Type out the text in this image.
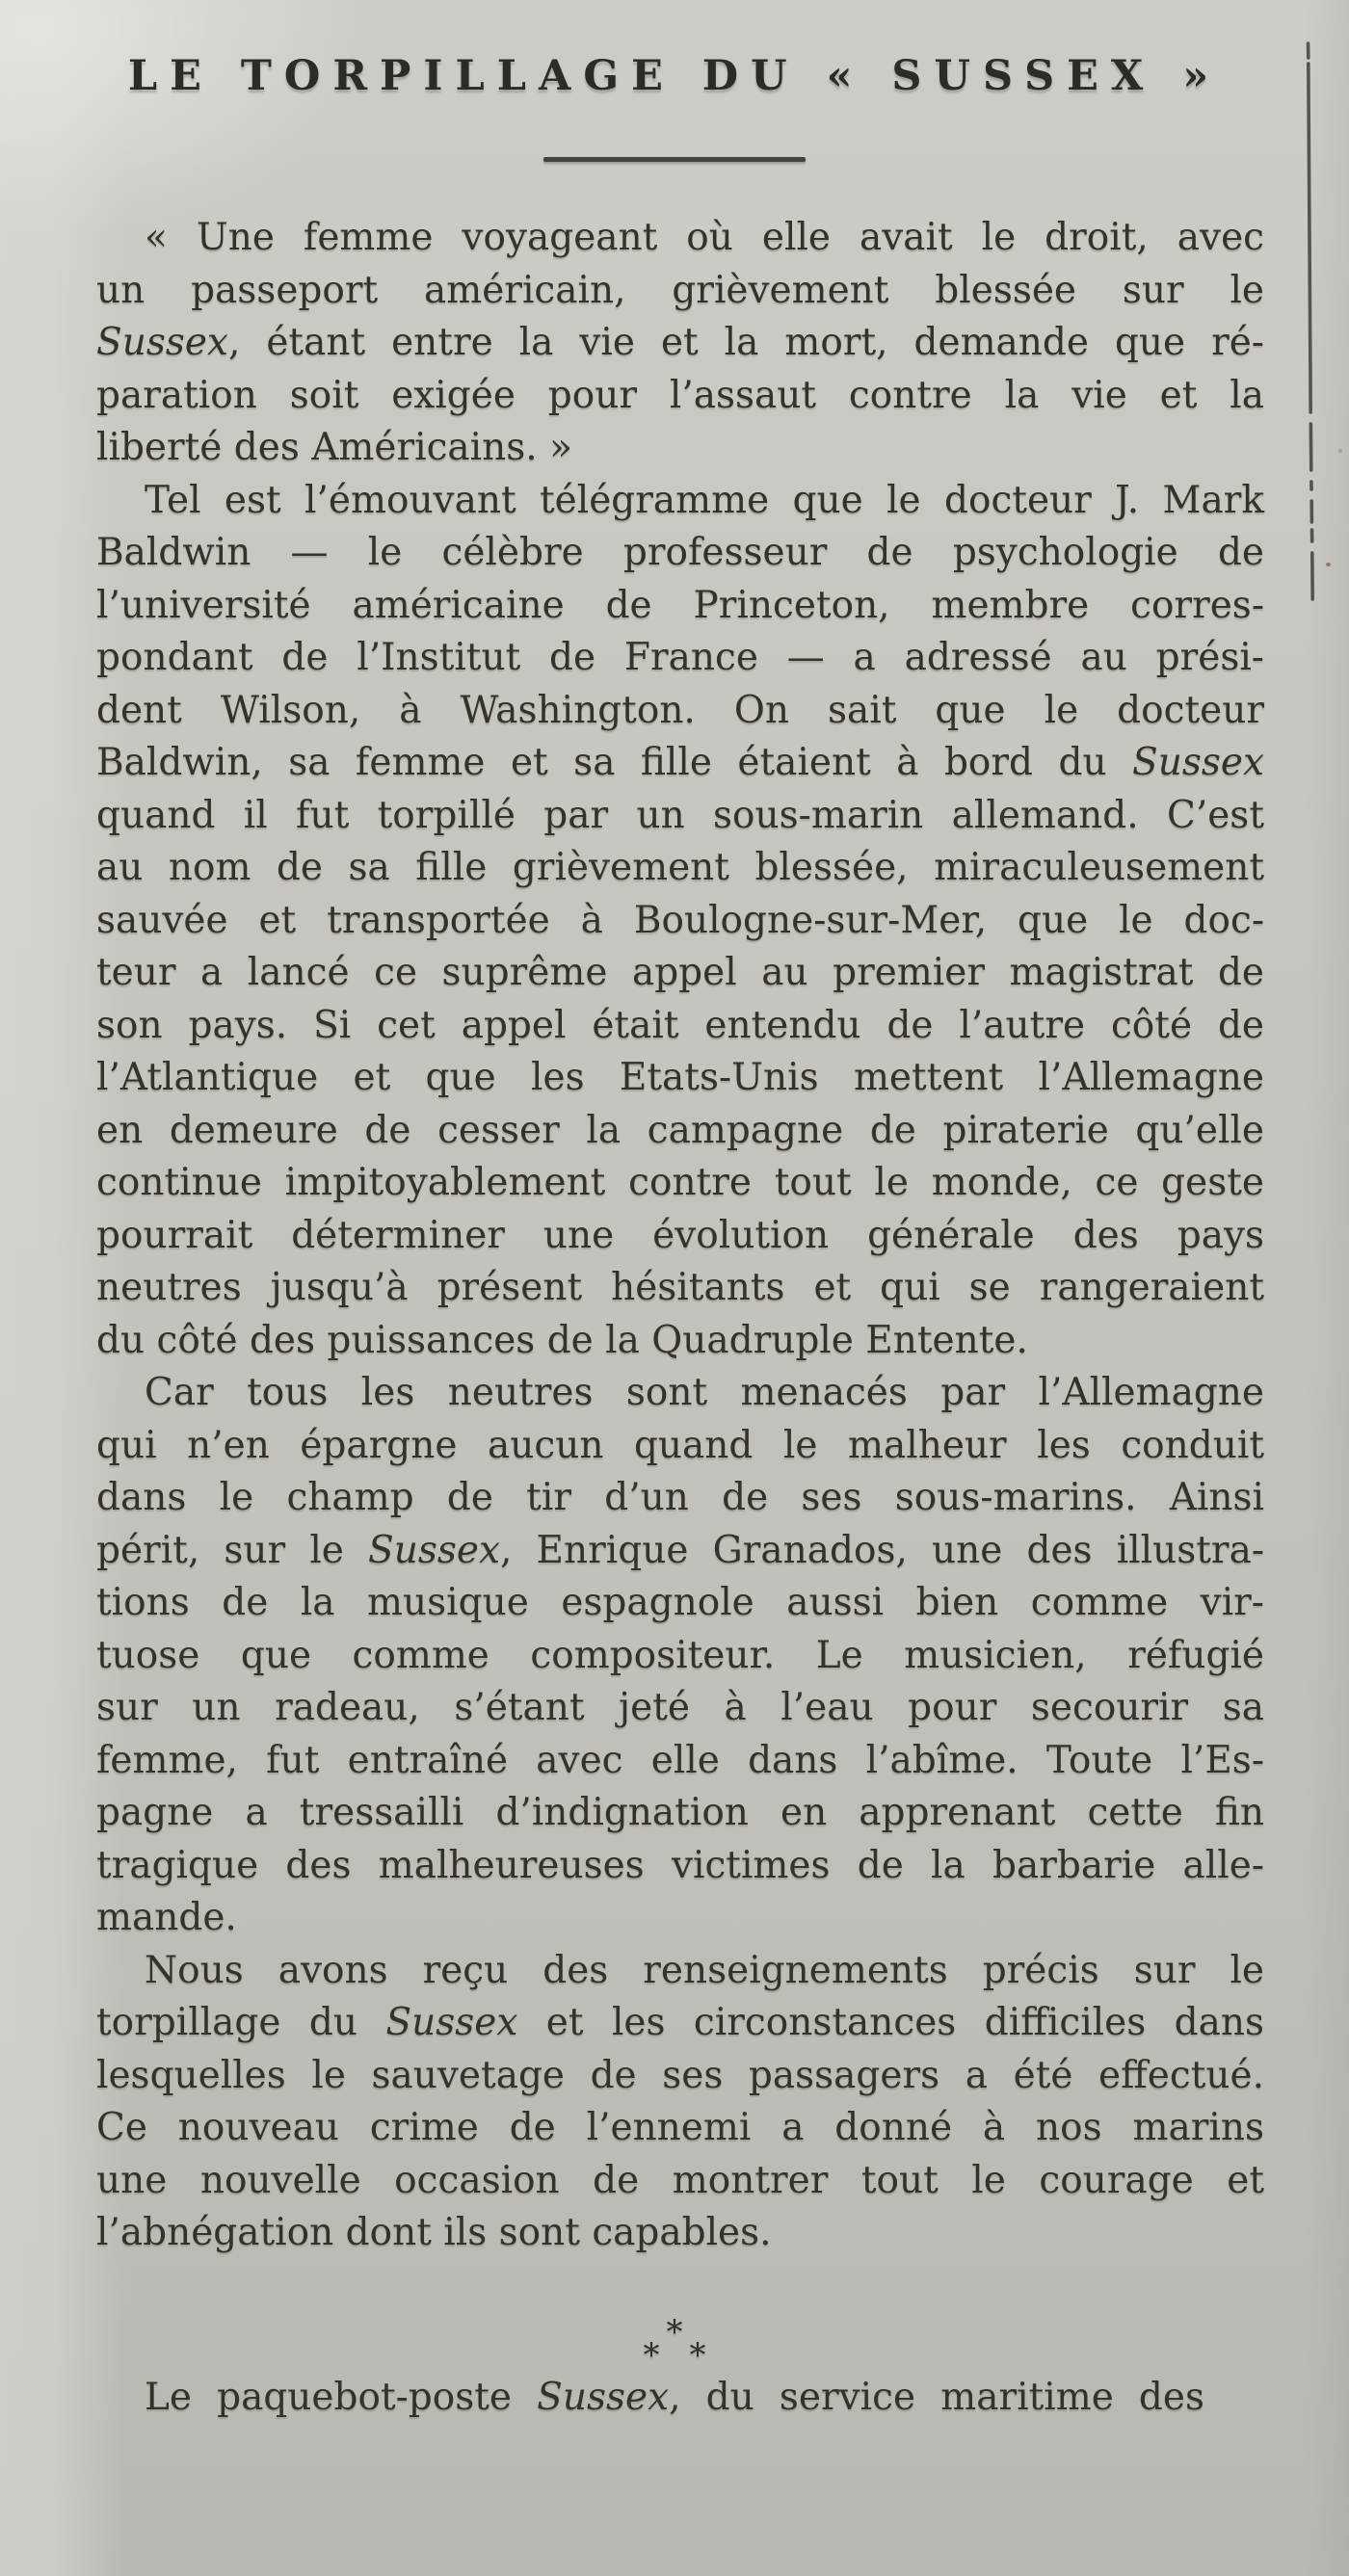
LE TORPILLAGE DU « SUSSEX »
« Une femme voyageant où elle avait le droit, avec
un passeport américain, grièvement blessée sur le
Sussex, étant entre la vie et la mort, demande que ré-
paration soit exigée pour l’assaut contre la vie et la
liberté des Américains. »
Tel est l’émouvant télégramme que le docteur J. Mark
Baldwin — le célèbre professeur de psychologie de
l’université américaine de Princeton, membre corres-
pondant de l’Institut de France — a adressé au prési-
dent Wilson, à Washington. On sait que le docteur
Baldwin, sa femme et sa fille étaient à bord du Sussex
quand il fut torpillé par un sous-marin allemand. C’est
au nom de sa fille grièvement blessée, miraculeusement
sauvée et transportée à Boulogne-sur-Mer, que le doc-
teur a lancé ce suprême appel au premier magistrat de
son pays. Si cet appel était entendu de l’autre côté de
l’Atlantique et que les Etats-Unis mettent l’Allemagne
en demeure de cesser la campagne de piraterie qu’elle
continue impitoyablement contre tout le monde, ce geste
pourrait déterminer une évolution générale des pays
neutres jusqu’à présent hésitants et qui se rangeraient
du côté des puissances de la Quadruple Entente.
Car tous les neutres sont menacés par l’Allemagne
qui n’en épargne aucun quand le malheur les conduit
dans le champ de tir d’un de ses sous-marins. Ainsi
périt, sur le Sussex, Enrique Granados, une des illustra-
tions de la musique espagnole aussi bien comme vir-
tuose que comme compositeur. Le musicien, réfugié
sur un radeau, s’étant jeté à l’eau pour secourir sa
femme, fut entraîné avec elle dans l’abîme. Toute l’Es-
pagne a tressailli d’indignation en apprenant cette fin
tragique des malheureuses victimes de la barbarie alle-
mande.
Nous avons reçu des renseignements précis sur le
torpillage du Sussex et les circonstances difficiles dans
lesquelles le sauvetage de ses passagers a été effectué.
Ce nouveau crime de l’ennemi a donné à nos marins
une nouvelle occasion de montrer tout le courage et
l’abnégation dont ils sont capables.
*
* *
Le paquebot-poste Sussex, du service maritime des
